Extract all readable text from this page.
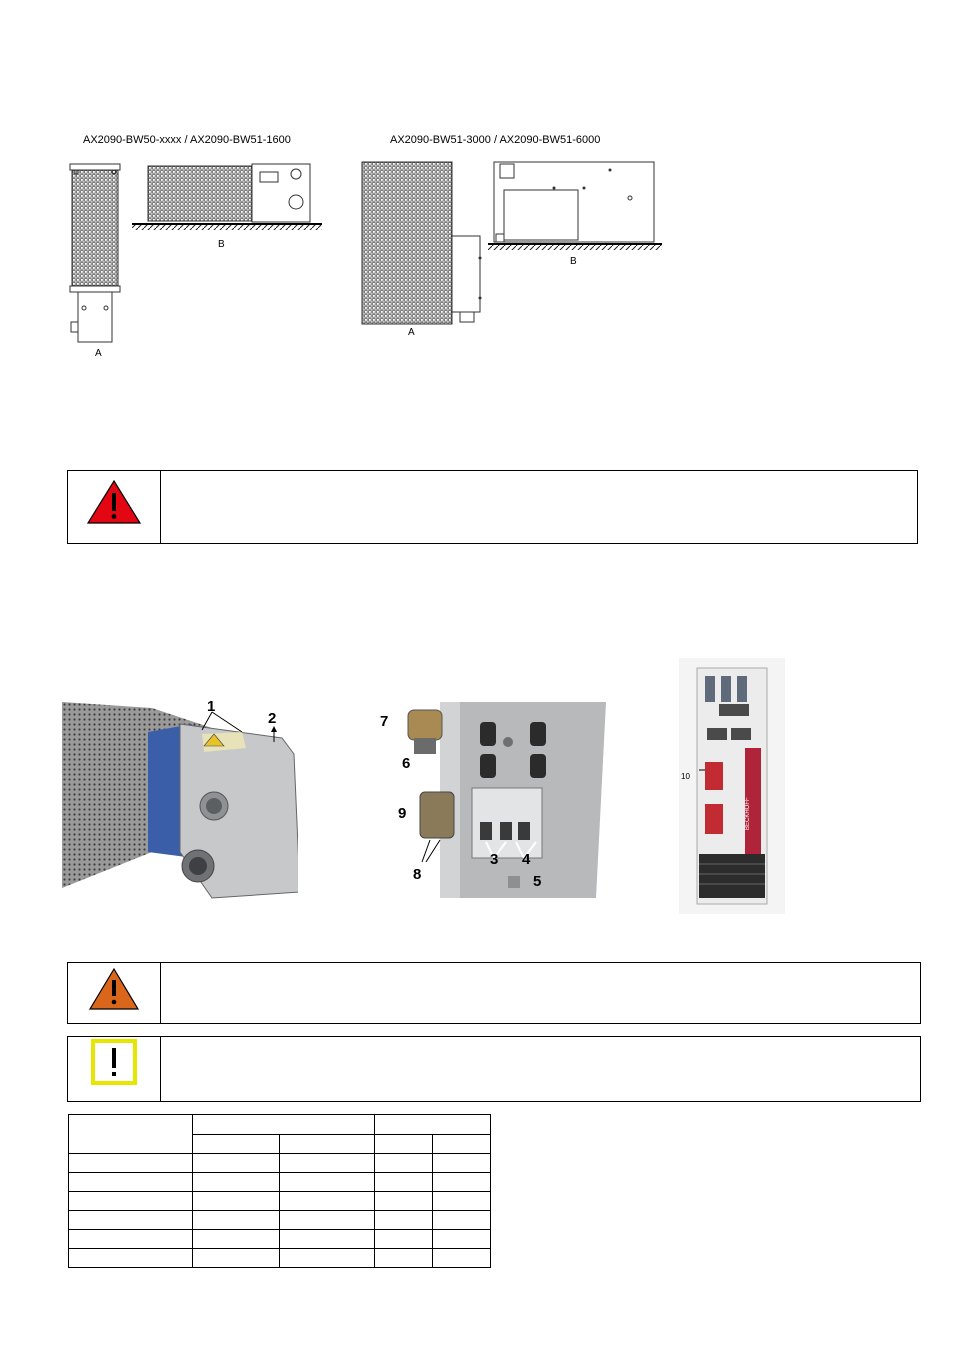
AX2090-BW50-xxxx / AX2090-BW51-1600	AX2090-BW51-3000 / AX2090-BW51-6000
B
A
B
A
1
2	7
6
9
8
3 4
5
BECKHOFF
10
